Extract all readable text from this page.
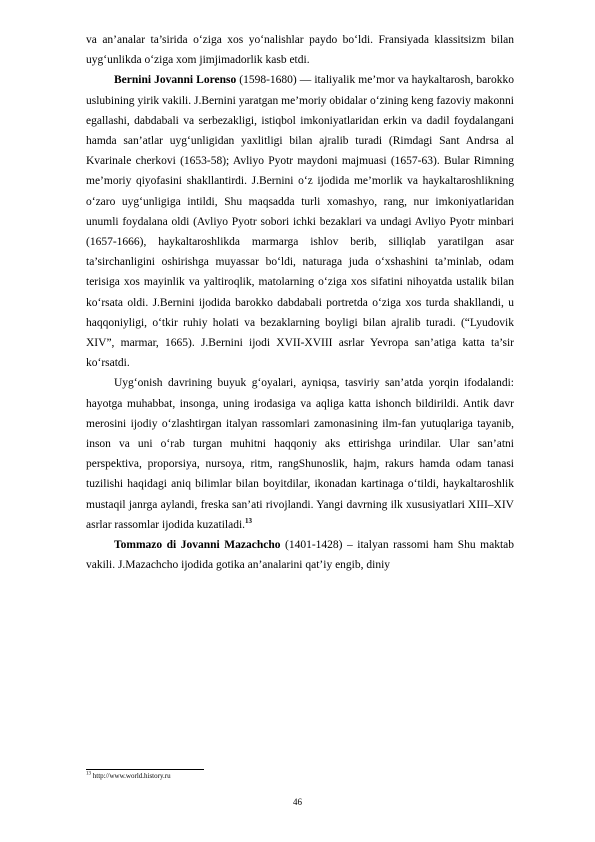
va an’analar ta’sirida o‘ziga xos yo‘nalishlar paydo bo‘ldi. Fransiyada klassitsizm bilan uyg‘unlikda o‘ziga xom jimjimadorlik kasb etdi.

Bernini Jovanni Lorenso (1598-1680) — italiyalik me’mor va haykaltarosh, barokko uslubining yirik vakili. J.Bernini yaratgan me’moriy obidalar o‘zining keng fazoviy makonni egallashi, dabdabali va serbezakligi, istiqbol imkoniyatlaridan erkin va dadil foydalangani hamda san’atlar uyg‘unligidan yaxlitligi bilan ajralib turadi (Rimdagi Sant Andrsa al Kvarinale cherkovi (1653-58); Avliyo Pyotr maydoni majmuasi (1657-63). Bular Rimning me’moriy qiyofasini shakllantirdi. J.Bernini o‘z ijodida me’morlik va haykaltaroshlikning o‘zaro uyg‘unligiga intildi, Shu maqsadda turli xomashyo, rang, nur imkoniyatlaridan unumli foydalana oldi (Avliyo Pyotr sobori ichki bezaklari va undagi Avliyo Pyotr minbari (1657-1666), haykaltaroshlikda marmarga ishlov berib, silliqlab yaratilgan asar ta’sirchanligini oshirishga muyassar bo‘ldi, naturaga juda o‘xshashini ta’minlab, odam terisiga xos mayinlik va yaltiroqlik, matolarning o‘ziga xos sifatini nihoyatda ustalik bilan ko‘rsata oldi. J.Bernini ijodida barokko dabdabali portretda o‘ziga xos turda shakllandi, u haqqoniyligi, o‘tkir ruhiy holati va bezaklarning boyligi bilan ajralib turadi. (“Lyudovik XIV”, marmar, 1665). J.Bernini ijodi XVII-XVIII asrlar Yevropa san’atiga katta ta’sir ko‘rsatdi.

Uyg‘onish davrining buyuk g‘oyalari, ayniqsa, tasviriy san’atda yorqin ifodalandi: hayotga muhabbat, insonga, uning irodasiga va aqliga katta ishonch bildirildi. Antik davr merosini ijodiy o‘zlashtirgan italyan rassomlari zamonasining ilm-fan yutuqlariga tayanib, inson va uni o‘rab turgan muhitni haqqoniy aks ettirishga urindilar. Ular san’atni perspektiva, proporsiya, nursoya, ritm, rangShunoslik, hajm, rakurs hamda odam tanasi tuzilishi haqidagi aniq bilimlar bilan boyitdilar, ikonadan kartinaga o‘tildi, haykaltaroshlik mustaqil janrga aylandi, freska san’ati rivojlandi. Yangi davrning ilk xususiyatlari XIII–XIV asrlar rassomlar ijodida kuzatiladi.$^{13}$

Tommazo di Jovanni Mazachcho (1401-1428) – italyan rassomi ham Shu maktab vakili. J.Mazachcho ijodida gotika an’analarini qat’iy engib, diniy

$^{13}$ http://www.world.history.ru
46
